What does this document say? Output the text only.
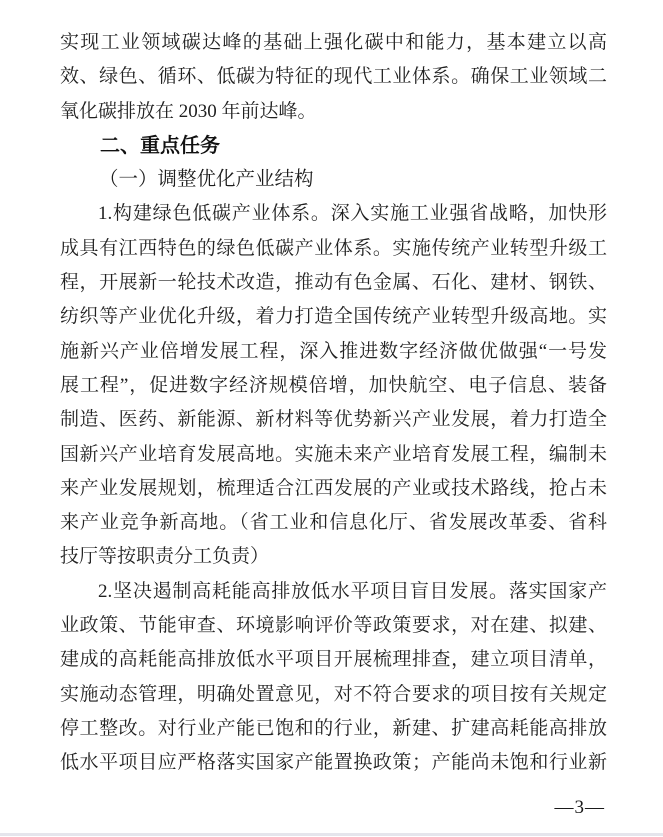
实现工业领域碳达峰的基础上强化碳中和能力，基本建立以高
效、绿色、循环、低碳为特征的现代工业体系。确保工业领域二
氧化碳排放在 2030 年前达峰。
二、重点任务
（一）调整优化产业结构
1.构建绿色低碳产业体系。深入实施工业强省战略，加快形
成具有江西特色的绿色低碳产业体系。实施传统产业转型升级工
程，开展新一轮技术改造，推动有色金属、石化、建材、钢铁、
纺织等产业优化升级，着力打造全国传统产业转型升级高地。实
施新兴产业倍增发展工程，深入推进数字经济做优做强“一号发
展工程”，促进数字经济规模倍增，加快航空、电子信息、装备
制造、医药、新能源、新材料等优势新兴产业发展，着力打造全
国新兴产业培育发展高地。实施未来产业培育发展工程，编制未
来产业发展规划，梳理适合江西发展的产业或技术路线，抢占未
来产业竞争新高地。（省工业和信息化厅、省发展改革委、省科
技厅等按职责分工负责）
2.坚决遏制高耗能高排放低水平项目盲目发展。落实国家产
业政策、节能审查、环境影响评价等政策要求，对在建、拟建、
建成的高耗能高排放低水平项目开展梳理排查，建立项目清单，
实施动态管理，明确处置意见，对不符合要求的项目按有关规定
停工整改。对行业产能已饱和的行业，新建、扩建高耗能高排放
低水平项目应严格落实国家产能置换政策；产能尚未饱和行业新
—3—
